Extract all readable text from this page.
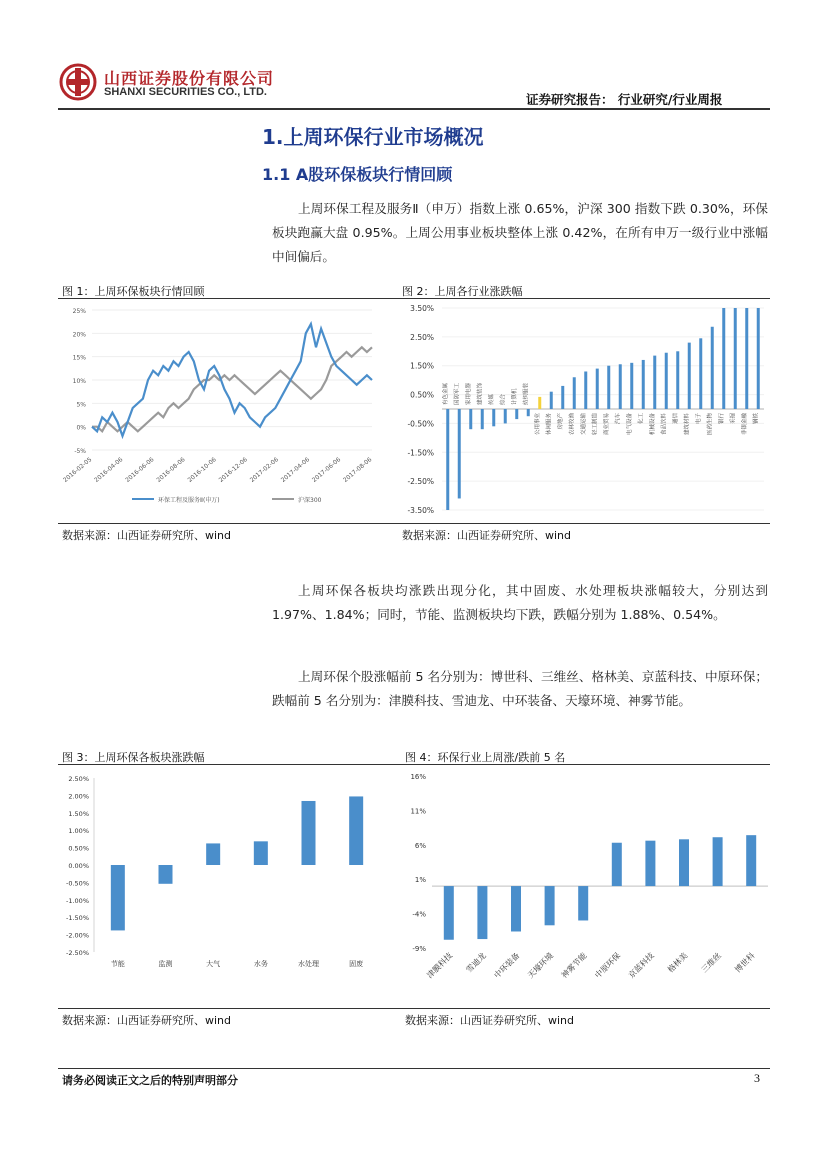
山西证券股份有限公司
SHANXI SECURITIES CO., LTD.	证券研究报告： 行业研究/行业周报
1.上周环保行业市场概况
1.1 A股环保板块行情回顾
上周环保工程及服务Ⅱ（申万）指数上涨 0.65%，沪深 300 指数下跌 0.30%，环保板块跑赢大盘 0.95%。上周公用事业板块整体上涨 0.42%，在所有申万一级行业中涨幅中间偏后。
图 1：上周环保板块行情回顾	图 2：上周各行业涨跌幅
-5%
0%
5%
10%
15%
20%
25%
2016-02-05 2016-04-06 2016-06-06 2016-08-06 2016-10-06 2016-12-06 2017-02-06 2017-04-06 2017-06-06 2017-08-06
环保工程及服务Ⅱ(申万)	沪深300
-3.50%
-2.50%
-1.50%
-0.50%
0.50%
1.50%
2.50%
3.50%
有色金属	国防军工	家用电器	建筑装饰	传媒	综合	计算机	纺织服装
公用事业	休闲服务	房地产	农林牧渔	交通运输	轻工制造	商业贸易	汽车	电气设备	化工	机械设备	食品饮料	通信	建筑材料	电子	医药生物	银行	采掘	非银金融	钢铁
数据来源：山西证券研究所、wind	数据来源：山西证券研究所、wind
上周环保各板块均涨跌出现分化，其中固废、水处理板块涨幅较大，分别达到 1.97%、1.84%；同时，节能、监测板块均下跌，跌幅分别为 1.88%、0.54%。
上周环保个股涨幅前 5 名分别为：博世科、三维丝、格林美、京蓝科技、中原环保；跌幅前 5 名分别为：津膜科技、雪迪龙、中环装备、天壕环境、神雾节能。
图 3：上周环保各板块涨跌幅	图 4：环保行业上周涨/跌前 5 名
-2.50%
-2.00%
-1.50%
-1.00%
-0.50%
0.00%
0.50%
1.00%
1.50%
2.00%
2.50%
节能	监测	大气	水务	水处理	固废
-9%
-4%
1%
6%
11%
16%
津膜科技 雪迪龙 中环装备 天壕环境 神雾节能 中原环保 京蓝科技 格林美 三维丝 博世科
数据来源：山西证券研究所、wind	数据来源：山西证券研究所、wind
请务必阅读正文之后的特别声明部分	3
